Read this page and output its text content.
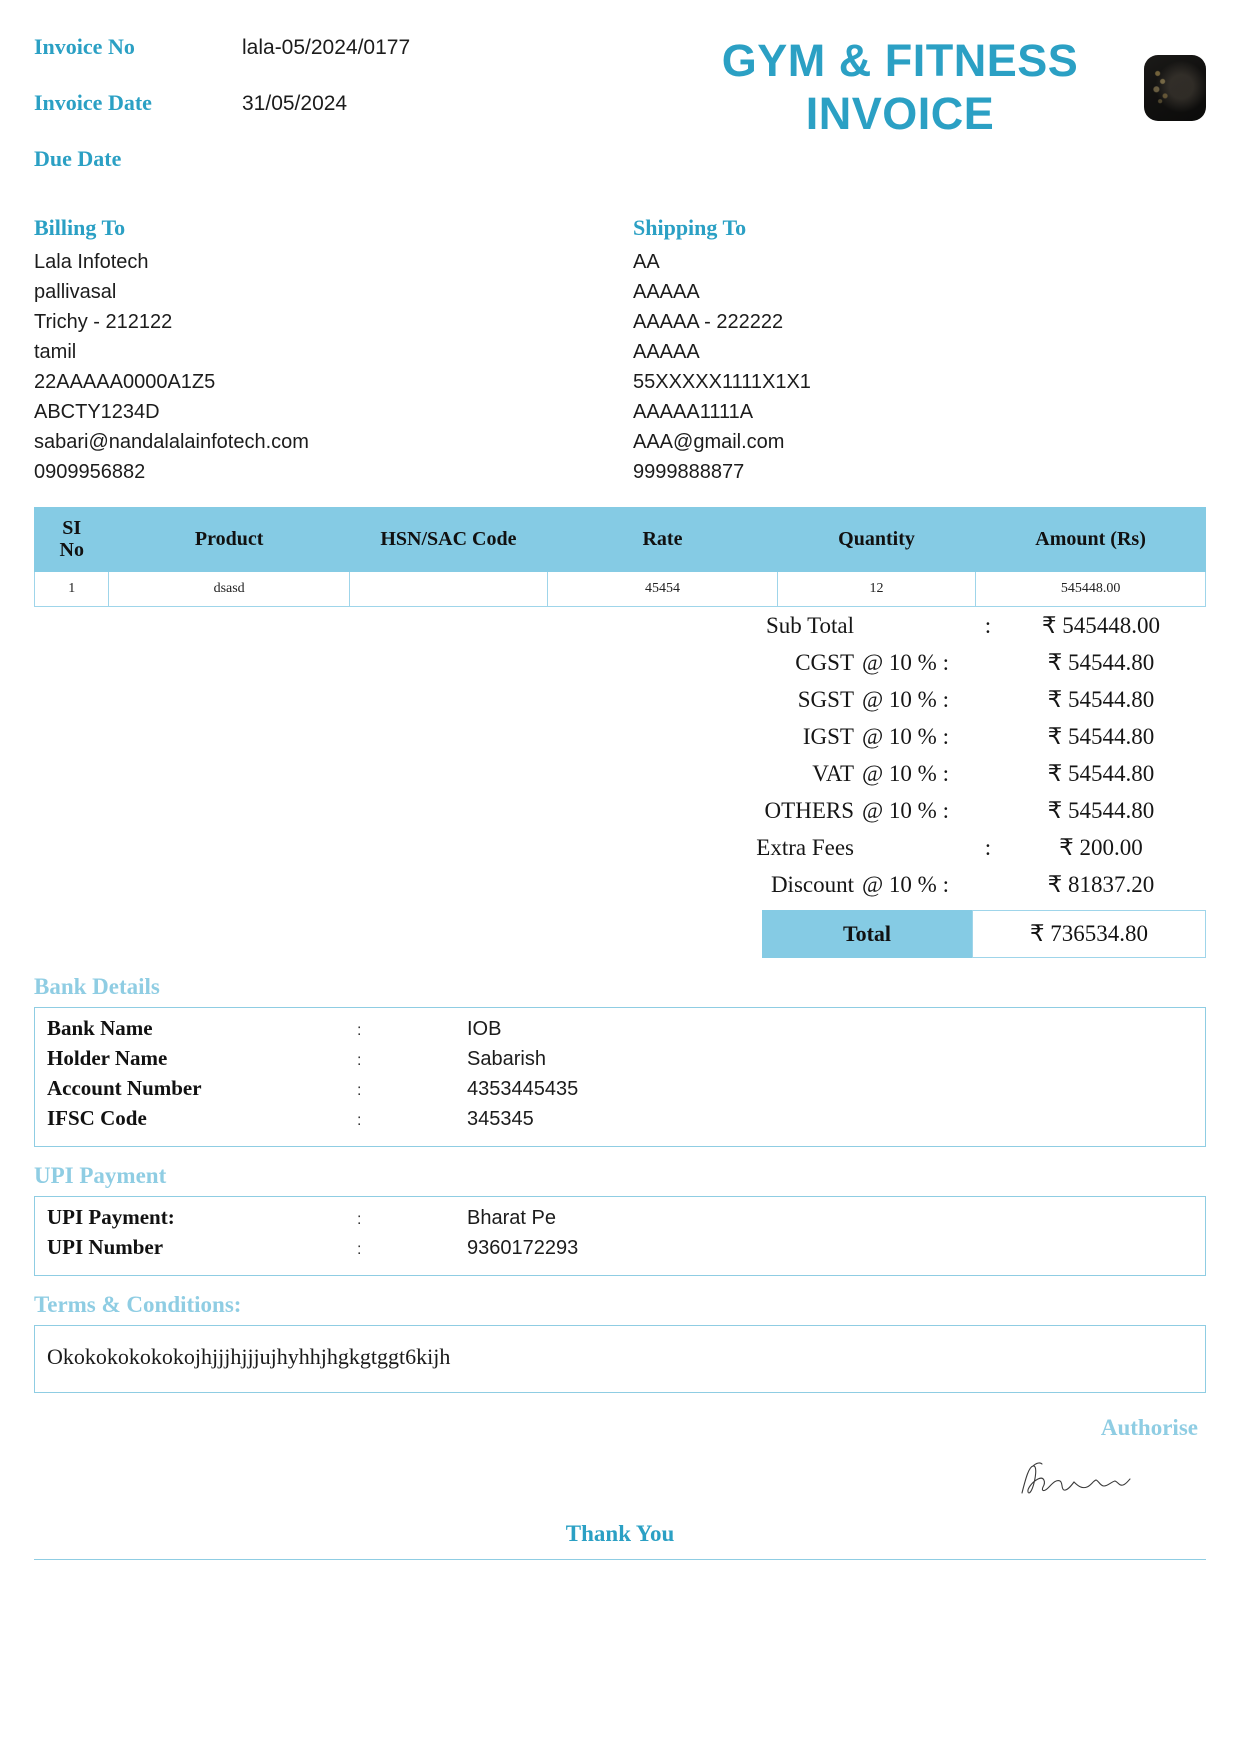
Invoice No	lala-05/2024/0177
Invoice Date	31/05/2024
Due Date
GYM & FITNESS INVOICE
Billing To
Lala Infotech
pallivasal
Trichy - 212122
tamil
22AAAAA0000A1Z5
ABCTY1234D
sabari@nandalalainfotech.com
0909956882
Shipping To
AA
AAAAA
AAAAA - 222222
AAAAA
55XXXXX1111X1X1
AAAAA1111A
AAA@gmail.com
9999888877
SI
No	Product	HSN/SAC Code	Rate	Quantity	Amount (Rs)
1	dsasd		45454	12	545448.00
Sub Total	:	₹ 545448.00
CGST @ 10 % :	₹ 54544.80
SGST @ 10 % :	₹ 54544.80
IGST @ 10 % :	₹ 54544.80
VAT @ 10 % :	₹ 54544.80
OTHERS @ 10 % :	₹ 54544.80
Extra Fees	:	₹ 200.00
Discount @ 10 % :	₹ 81837.20
Total	₹ 736534.80
Bank Details
Bank Name	:	IOB
Holder Name	:	Sabarish
Account Number	:	4353445435
IFSC Code	:	345345
UPI Payment
UPI Payment:	:	Bharat Pe
UPI Number	:	9360172293
Terms & Conditions:
Okokokokokokojhjjjhjjjujhyhhjhgkgtggt6kijh
Authorise
Thank You
